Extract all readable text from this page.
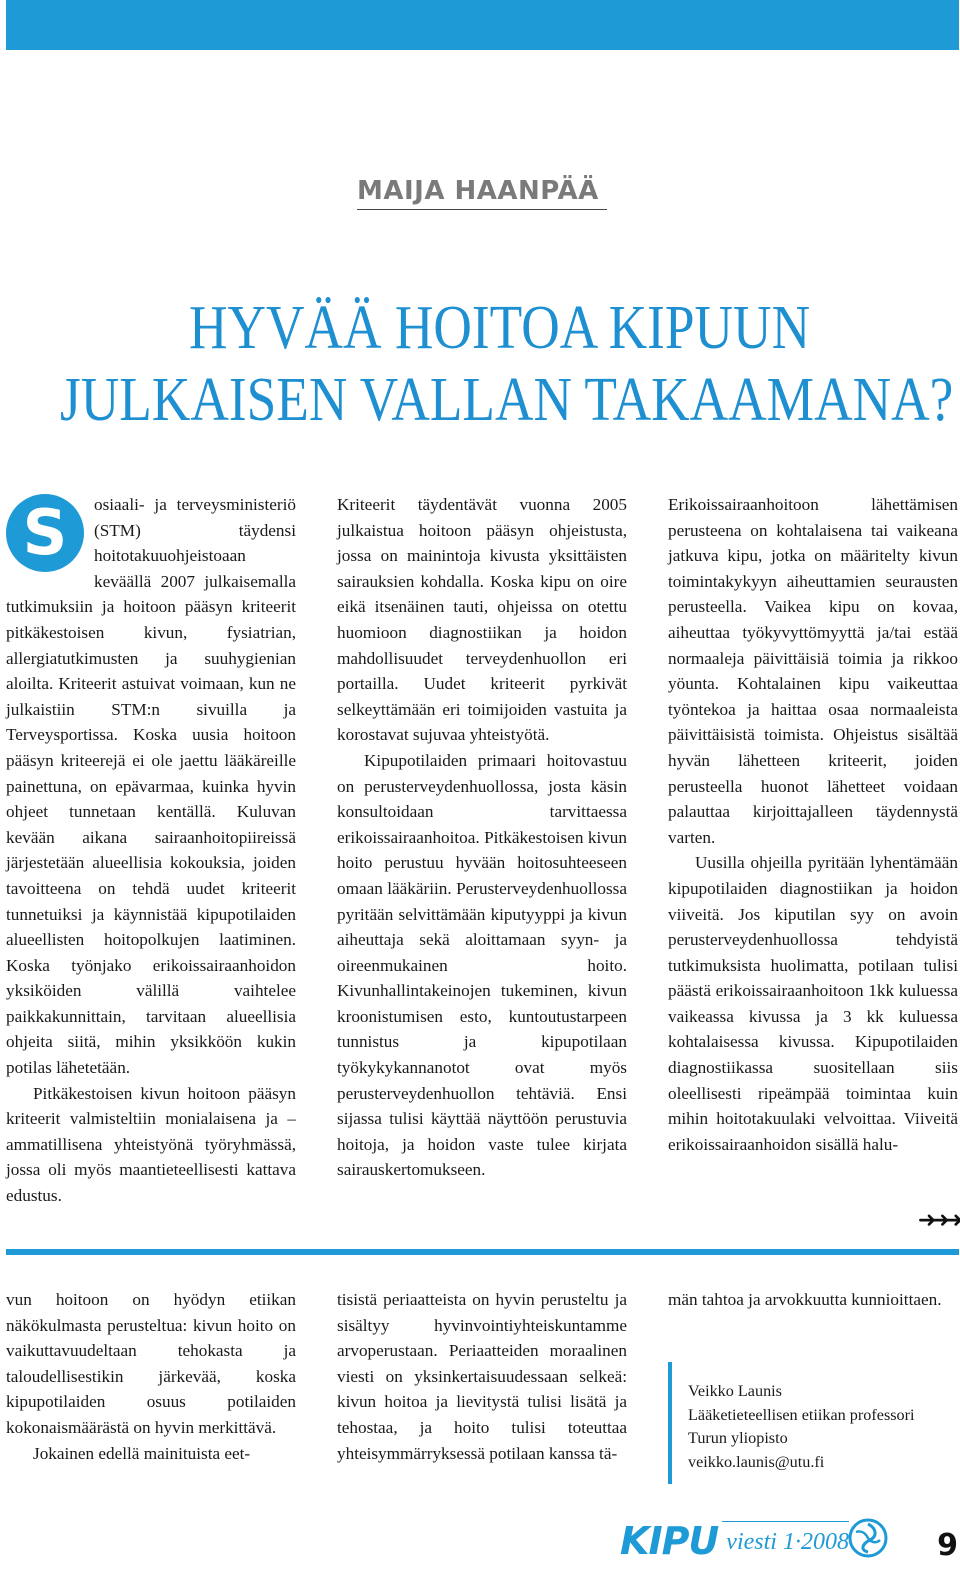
MAIJA HAANPÄÄ
HYVÄÄ HOITOA KIPUUN
JULKAISEN VALLAN TAKAAMANA?

S	osiaali- ja terveysministeriö (STM) täydensi hoitotakuuohjeistoaan keväällä 2007 julkaisemalla tutkimuksiin ja hoitoon pääsyn kriteerit pitkäkestoisen kivun, fysiatrian, allergiatutkimusten ja suuhygienian aloilta. Kriteerit astuivat voimaan, kun ne julkaistiin STM:n sivuilla ja Terveysportissa. Koska uusia hoitoon pääsyn kriteerejä ei ole jaettu lääkäreille painettuna, on epävarmaa, kuinka hyvin ohjeet tunnetaan kentällä. Kuluvan kevään aikana sairaanhoitopiireissä järjestetään alueellisia kokouksia, joiden tavoitteena on tehdä uudet kriteerit tunnetuiksi ja käynnistää kipupotilaiden alueellisten hoitopolkujen laatiminen. Koska työnjako erikoissairaanhoidon yksiköiden välillä vaihtelee paikkakunnittain, tarvitaan alueellisia ohjeita siitä, mihin yksikköön kukin potilas lähetetään.

Pitkäkestoisen kivun hoitoon pääsyn kriteerit valmisteltiin monialaisena ja –ammatillisena yhteistyönä työryhmässä, jossa oli myös maantieteellisesti kattava edustus.

Kriteerit täydentävät vuonna 2005 julkaistua hoitoon pääsyn ohjeistusta, jossa on mainintoja kivusta yksittäisten sairauksien kohdalla. Koska kipu on oire eikä itsenäinen tauti, ohjeissa on otettu huomioon diagnostiikan ja hoidon mahdollisuudet terveydenhuollon eri portailla. Uudet kriteerit pyrkivät selkeyttämään eri toimijoiden vastuita ja korostavat sujuvaa yhteistyötä.

Kipupotilaiden primaari hoitovastuu on perusterveydenhuollossa, josta käsin konsultoidaan tarvittaessa erikoissairaanhoitoa. Pitkäkestoisen kivun hoito perustuu hyvään hoitosuhteeseen omaan lääkäriin. Perusterveydenhuollossa pyritään selvittämään kiputyyppi ja kivun aiheuttaja sekä aloittamaan syyn- ja oireenmukainen hoito. Kivunhallintakeinojen tukeminen, kivun kroonistumisen esto, kuntoutustarpeen tunnistus ja kipupotilaan työkykykannanotot ovat myös perusterveydenhuollon tehtäviä. Ensi sijassa tulisi käyttää näyttöön perustuvia hoitoja, ja hoidon vaste tulee kirjata sairauskertomukseen.

Erikoissairaanhoitoon lähettämisen perusteena on kohtalaisena tai vaikeana jatkuva kipu, jotka on määritelty kivun toimintakykyyn aiheuttamien seurausten perusteella. Vaikea kipu on kovaa, aiheuttaa työkyvyttömyyttä ja/tai estää normaaleja päivittäisiä toimia ja rikkoo yöunta. Kohtalainen kipu vaikeuttaa työntekoa ja haittaa osaa normaaleista päivittäisistä toimista. Ohjeistus sisältää hyvän lähetteen kriteerit, joiden perusteella huonot lähetteet voidaan palauttaa kirjoittajalleen täydennystä varten.

Uusilla ohjeilla pyritään lyhentämään kipupotilaiden diagnostiikan ja hoidon viiveitä. Jos kiputilan syy on avoin perusterveydenhuollossa tehdyistä tutkimuksista huolimatta, potilaan tulisi päästä erikoissairaanhoitoon 1kk kuluessa vaikeassa kivussa ja 3 kk kuluessa kohtalaisessa kivussa. Kipupotilaiden diagnostiikassa suositellaan siis oleellisesti ripeämpää toimintaa kuin mihin hoitotakuulaki velvoittaa. Viiveitä erikoissairaanhoidon sisällä halu-

➜➜➜

vun hoitoon on hyödyn etiikan näkökulmasta perusteltua: kivun hoito on vaikuttavuudeltaan tehokasta ja taloudellisestikin järkevää, koska kipupotilaiden osuus potilaiden kokonaismäärästä on hyvin merkittävä.

Jokainen edellä mainituista eet-

tisistä periaatteista on hyvin perusteltu ja sisältyy hyvinvointiyhteiskuntamme arvoperustaan. Periaatteiden moraalinen viesti on yksinkertaisuudessaan selkeä: kivun hoitoa ja lievitystä tulisi lisätä ja tehostaa, ja hoito tulisi toteuttaa yhteisymmärryksessä potilaan kanssa tä-

män tahtoa ja arvokkuutta kunnioittaen.

Veikko Launis
Lääketieteellisen etiikan professori
Turun yliopisto
veikko.launis@utu.fi
KIPU viesti 1·2008	9
